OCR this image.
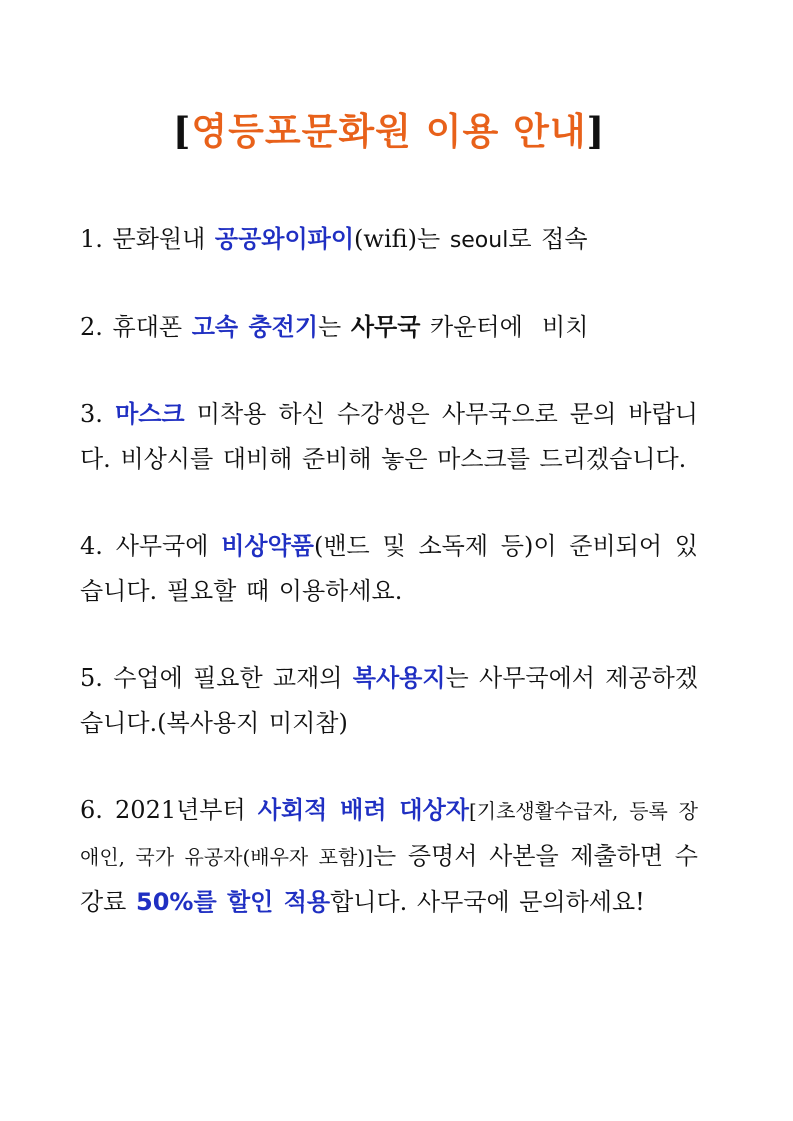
[영등포문화원 이용 안내]

1. 문화원내 공공와이파이(wifi)는 seoul로 접속

2. 휴대폰 고속 충전기는 사무국 카운터에  비치

3. 마스크 미착용 하신 수강생은 사무국으로 문의 바랍니다. 비상시를 대비해 준비해 놓은 마스크를 드리겠습니다.

4. 사무국에 비상약품(밴드 및 소독제 등)이 준비되어 있습니다. 필요할 때 이용하세요.

5. 수업에 필요한 교재의 복사용지는 사무국에서 제공하겠습니다.(복사용지 미지참)

6. 2021년부터 사회적 배려 대상자[기초생활수급자, 등록 장애인, 국가 유공자(배우자 포함)]는 증명서 사본을 제출하면 수강료 50%를 할인 적용합니다. 사무국에 문의하세요!
